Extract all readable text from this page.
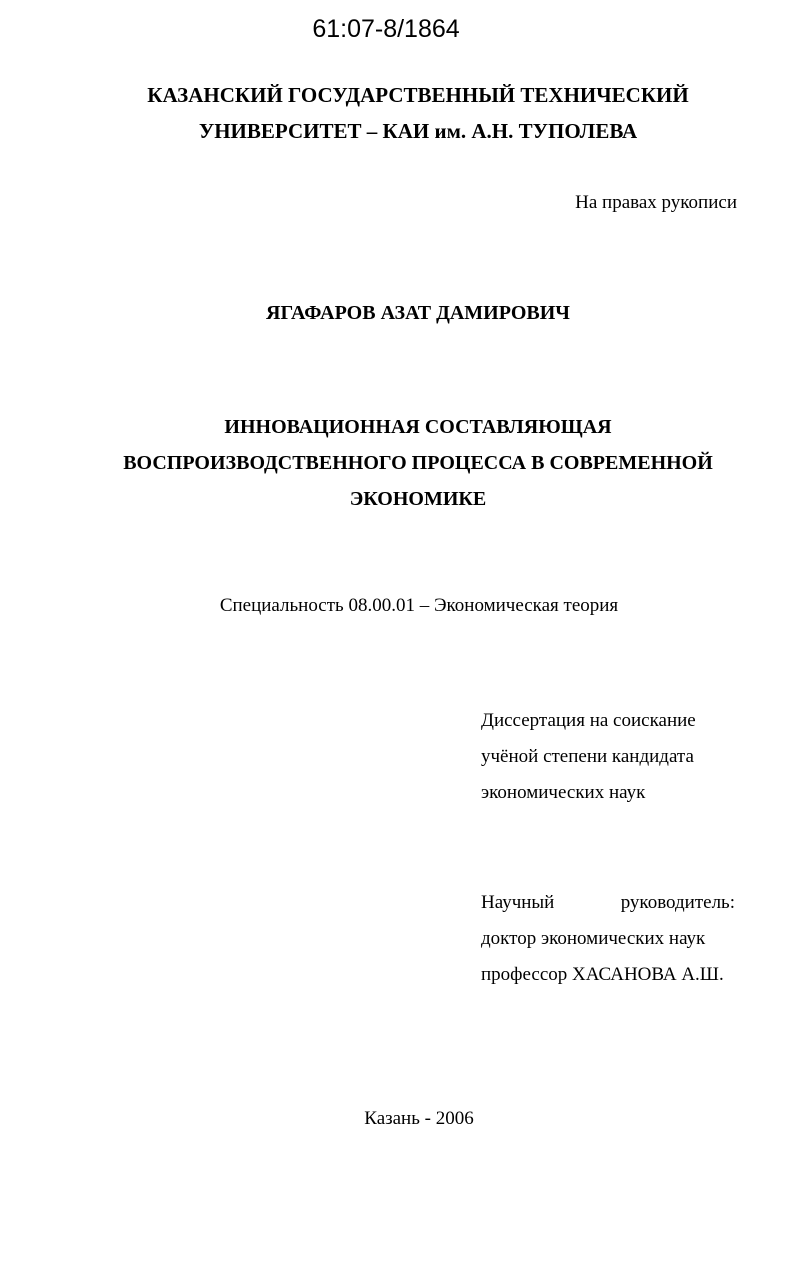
61:07-8/1864
КАЗАНСКИЙ ГОСУДАРСТВЕННЫЙ ТЕХНИЧЕСКИЙ
УНИВЕРСИТЕТ – КАИ им. А.Н. ТУПОЛЕВА
На правах рукописи
ЯГАФАРОВ АЗАТ ДАМИРОВИЧ
ИННОВАЦИОННАЯ СОСТАВЛЯЮЩАЯ
ВОСПРОИЗВОДСТВЕННОГО ПРОЦЕССА В СОВРЕМЕННОЙ
ЭКОНОМИКЕ
Специальность 08.00.01 – Экономическая теория
Диссертация на соискание
учёной степени кандидата
экономических наук
Научный	руководитель:
доктор экономических наук
профессор ХАСАНОВА А.Ш.
Казань - 2006
